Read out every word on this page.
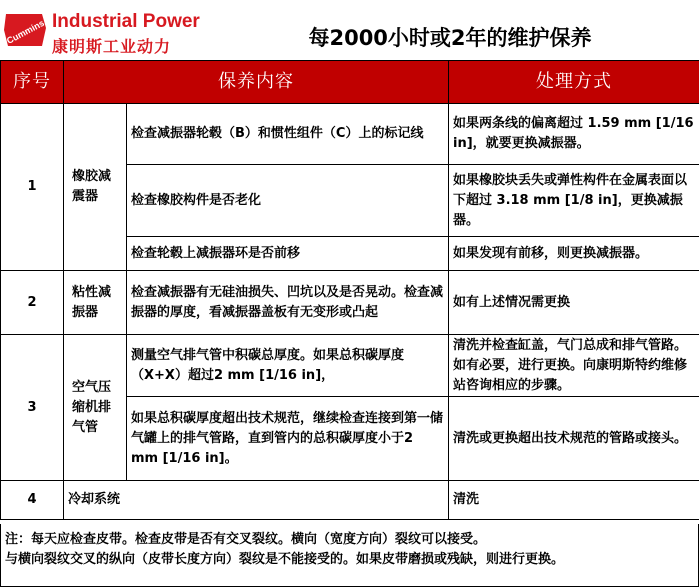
Cummins Industrial Power
康明斯工业动力	每2000小时或2年的维护保养
序号	保养内容		处理方式
1	橡胶减震器	检查减振器轮毂（B）和惯性组件（C）上的标记线	如果两条线的偏离超过 1.59 mm [1/16 in]，就要更换减振器。
		检查橡胶构件是否老化	如果橡胶块丢失或弹性构件在金属表面以下超过 3.18 mm [1/8 in]，更换减振器。
		检查轮毂上减振器环是否前移	如果发现有前移，则更换减振器。
2	粘性减振器	检查减振器有无硅油损失、凹坑以及是否晃动。检查减振器的厚度，看减振器盖板有无变形或凸起	如有上述情况需更换
3	空气压缩机排气管	测量空气排气管中积碳总厚度。如果总积碳厚度（X+X）超过2 mm [1/16 in]，	清洗并检查缸盖，气门总成和排气管路。如有必要，进行更换。向康明斯特约维修站咨询相应的步骤。
		如果总积碳厚度超出技术规范，继续检查连接到第一储气罐上的排气管路，直到管内的总积碳厚度小于2 mm [1/16 in]。	清洗或更换超出技术规范的管路或接头。
4	冷却系统		清洗
注：每天应检查皮带。检查皮带是否有交叉裂纹。横向（宽度方向）裂纹可以接受。
与横向裂纹交叉的纵向（皮带长度方向）裂纹是不能接受的。如果皮带磨损或残缺，则进行更换。
